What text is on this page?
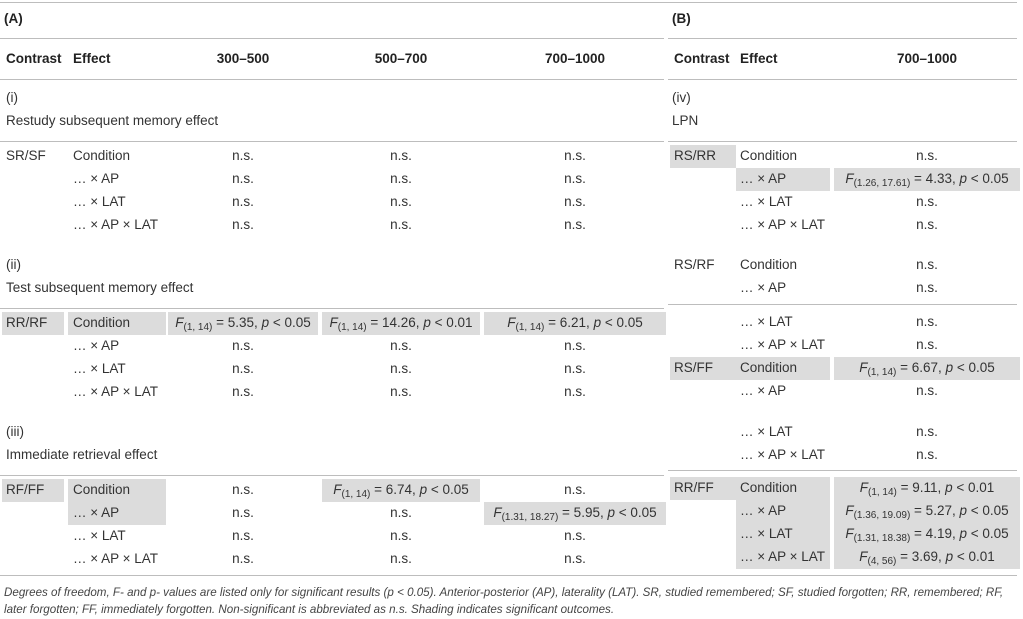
(A)	(B)
Contrast Effect	300–500	500–700	700–1000	Contrast Effect	700–1000
(i)
Restudy subsequent memory effect
SR/SF Condition	n.s.	n.s.	n.s.
… × AP	n.s.	n.s.	n.s.
… × LAT	n.s.	n.s.	n.s.
… × AP × LAT	n.s.	n.s.	n.s.
(ii)
Test subsequent memory effect
RR/RF Condition	$F_{(1, 14)} = 5.35$, p < 0.05	$F_{(1, 14)} = 14.26$, p < 0.01	$F_{(1, 14)} = 6.21$, p < 0.05
… × AP	n.s.	n.s.	n.s.
… × LAT	n.s.	n.s.	n.s.
… × AP × LAT	n.s.	n.s.	n.s.
(iii)
Immediate retrieval effect
RF/FF Condition	n.s.	$F_{(1, 14)} = 6.74$, p < 0.05	n.s.
… × AP	n.s.	n.s.	$F_{(1.31, 18.27)} = 5.95$, p < 0.05
… × LAT	n.s.	n.s.	n.s.
… × AP × LAT	n.s.	n.s.	n.s.
(iv)
LPN
RS/RR Condition	n.s.
… × AP	$F_{(1.26, 17.61)} = 4.33$, p < 0.05
… × LAT	n.s.
… × AP × LAT	n.s.
RS/RF Condition	n.s.
… × AP	n.s.
… × LAT	n.s.
… × AP × LAT	n.s.
RS/FF Condition	$F_{(1, 14)} = 6.67$, p < 0.05
… × AP	n.s.
… × LAT	n.s.
… × AP × LAT	n.s.
RR/FF Condition	$F_{(1, 14)} = 9.11$, p < 0.01
… × AP	$F_{(1.36, 19.09)} = 5.27$, p < 0.05
… × LAT	$F_{(1.31, 18.38)} = 4.19$, p < 0.05
… × AP × LAT	$F_{(4, 56)} = 3.69$, p < 0.01
Degrees of freedom, F- and p- values are listed only for significant results (p < 0.05). Anterior-posterior (AP), laterality (LAT). SR, studied remembered; SF, studied forgotten; RR, remembered; RF, later forgotten; FF, immediately forgotten. Non-significant is abbreviated as n.s. Shading indicates significant outcomes.
